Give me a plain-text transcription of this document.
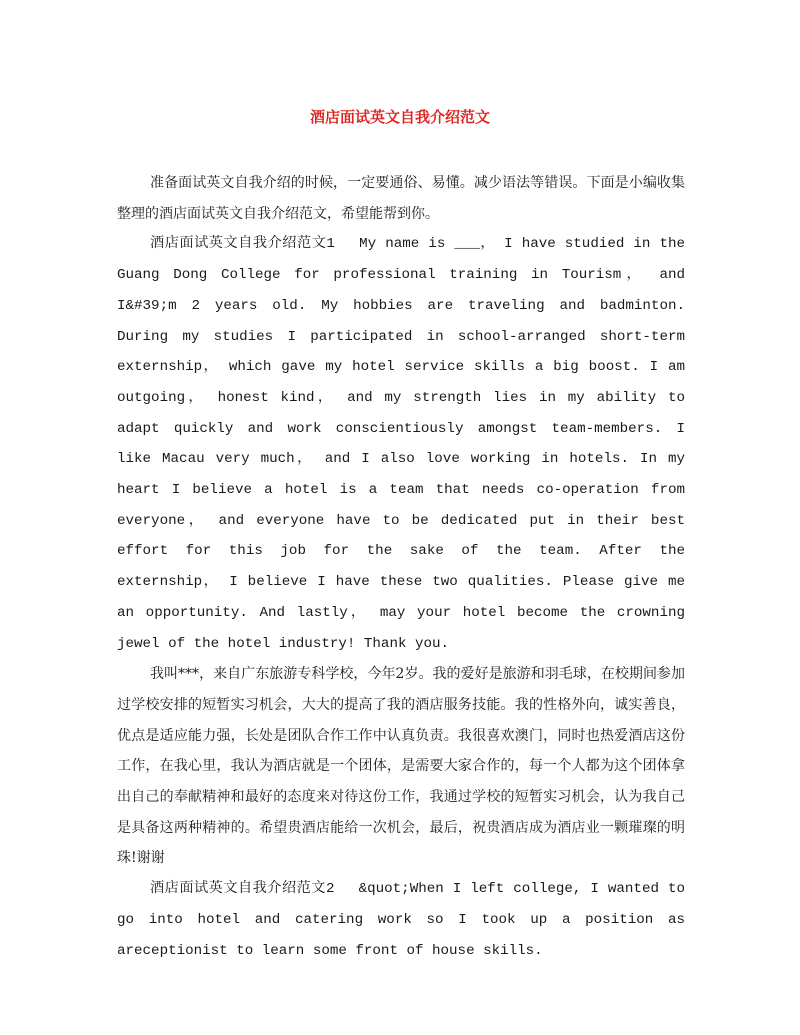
酒店面试英文自我介绍范文

准备面试英文自我介绍的时候，一定要通俗、易懂。减少语法等错误。下面是小编收集整理的酒店面试英文自我介绍范文，希望能帮到你。

酒店面试英文自我介绍范文1　 My name is ___， I have studied in the Guang Dong College for professional training in Tourism， and I&#39;m 2 years old. My hobbies are traveling and badminton. During my studies I participated in school-arranged short-term externship， which gave my hotel service skills a big boost. I am outgoing， honest kind， and my strength lies in my ability to adapt quickly and work conscientiously amongst team-members. I like Macau very much， and I also love working in hotels. In my heart I believe a hotel is a team that needs co-operation from everyone， and everyone have to be dedicated put in their best effort for this job for the sake of the team. After the externship， I believe I have these two qualities. Please give me an opportunity. And lastly， may your hotel become the crowning jewel of the hotel industry! Thank you.

我叫***，来自广东旅游专科学校，今年2岁。我的爱好是旅游和羽毛球，在校期间参加过学校安排的短暂实习机会，大大的提高了我的酒店服务技能。我的性格外向，诚实善良，优点是适应能力强，长处是团队合作工作中认真负责。我很喜欢澳门，同时也热爱酒店这份工作，在我心里，我认为酒店就是一个团体，是需要大家合作的，每一个人都为这个团体拿出自己的奉献精神和最好的态度来对待这份工作，我通过学校的短暂实习机会，认为我自己是具备这两种精神的。希望贵酒店能给一次机会，最后，祝贵酒店成为酒店业一颗璀璨的明珠!谢谢

酒店面试英文自我介绍范文2　 &quot;When I left college, I wanted to go into hotel and catering work so I took up a position as areceptionist to learn some front of house skills.
